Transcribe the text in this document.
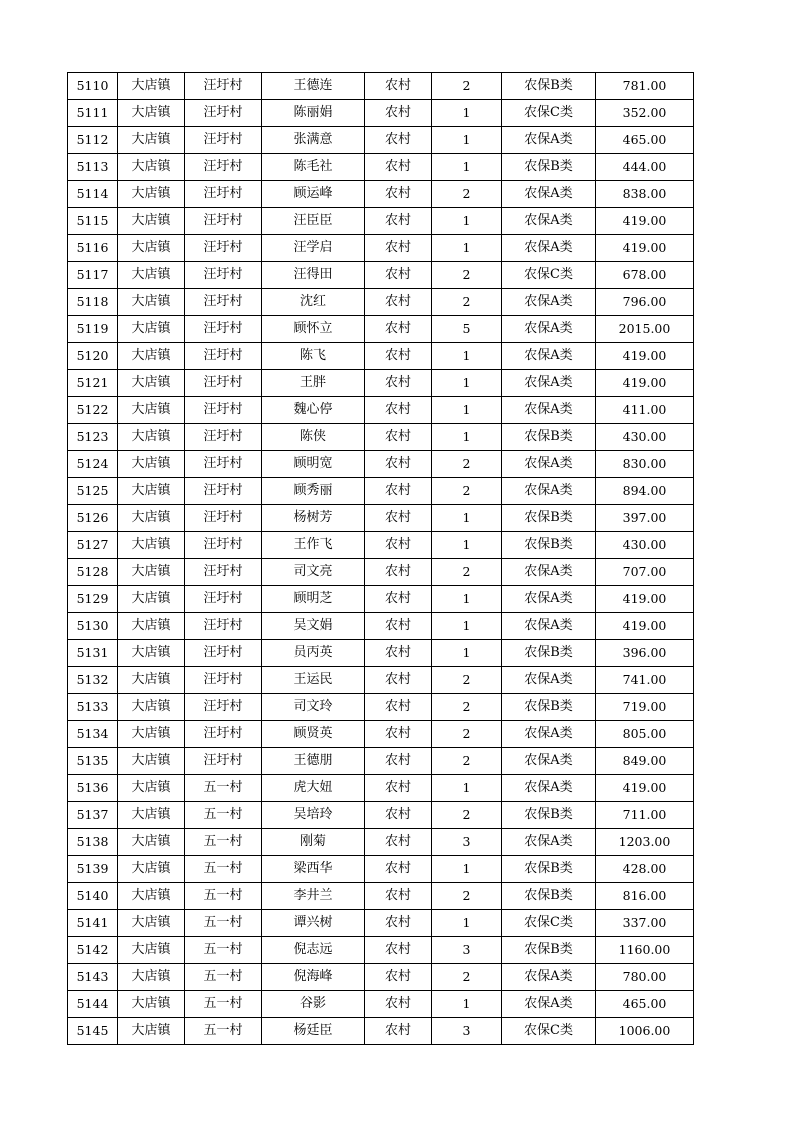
5110	大店镇	汪圩村	王德连	农村	2	农保B类	781.00
5111	大店镇	汪圩村	陈丽娟	农村	1	农保C类	352.00
5112	大店镇	汪圩村	张满意	农村	1	农保A类	465.00
5113	大店镇	汪圩村	陈毛社	农村	1	农保B类	444.00
5114	大店镇	汪圩村	顾运峰	农村	2	农保A类	838.00
5115	大店镇	汪圩村	汪臣臣	农村	1	农保A类	419.00
5116	大店镇	汪圩村	汪学启	农村	1	农保A类	419.00
5117	大店镇	汪圩村	汪得田	农村	2	农保C类	678.00
5118	大店镇	汪圩村	沈红	农村	2	农保A类	796.00
5119	大店镇	汪圩村	顾怀立	农村	5	农保A类	2015.00
5120	大店镇	汪圩村	陈飞	农村	1	农保A类	419.00
5121	大店镇	汪圩村	王胖	农村	1	农保A类	419.00
5122	大店镇	汪圩村	魏心停	农村	1	农保A类	411.00
5123	大店镇	汪圩村	陈侠	农村	1	农保B类	430.00
5124	大店镇	汪圩村	顾明宽	农村	2	农保A类	830.00
5125	大店镇	汪圩村	顾秀丽	农村	2	农保A类	894.00
5126	大店镇	汪圩村	杨树芳	农村	1	农保B类	397.00
5127	大店镇	汪圩村	王作飞	农村	1	农保B类	430.00
5128	大店镇	汪圩村	司文亮	农村	2	农保A类	707.00
5129	大店镇	汪圩村	顾明芝	农村	1	农保A类	419.00
5130	大店镇	汪圩村	吴文娟	农村	1	农保A类	419.00
5131	大店镇	汪圩村	员丙英	农村	1	农保B类	396.00
5132	大店镇	汪圩村	王运民	农村	2	农保A类	741.00
5133	大店镇	汪圩村	司文玲	农村	2	农保B类	719.00
5134	大店镇	汪圩村	顾贤英	农村	2	农保A类	805.00
5135	大店镇	汪圩村	王德朋	农村	2	农保A类	849.00
5136	大店镇	五一村	虎大妞	农村	1	农保A类	419.00
5137	大店镇	五一村	吴培玲	农村	2	农保B类	711.00
5138	大店镇	五一村	刚菊	农村	3	农保A类	1203.00
5139	大店镇	五一村	梁西华	农村	1	农保B类	428.00
5140	大店镇	五一村	李井兰	农村	2	农保B类	816.00
5141	大店镇	五一村	谭兴树	农村	1	农保C类	337.00
5142	大店镇	五一村	倪志远	农村	3	农保B类	1160.00
5143	大店镇	五一村	倪海峰	农村	2	农保A类	780.00
5144	大店镇	五一村	谷影	农村	1	农保A类	465.00
5145	大店镇	五一村	杨廷臣	农村	3	农保C类	1006.00
